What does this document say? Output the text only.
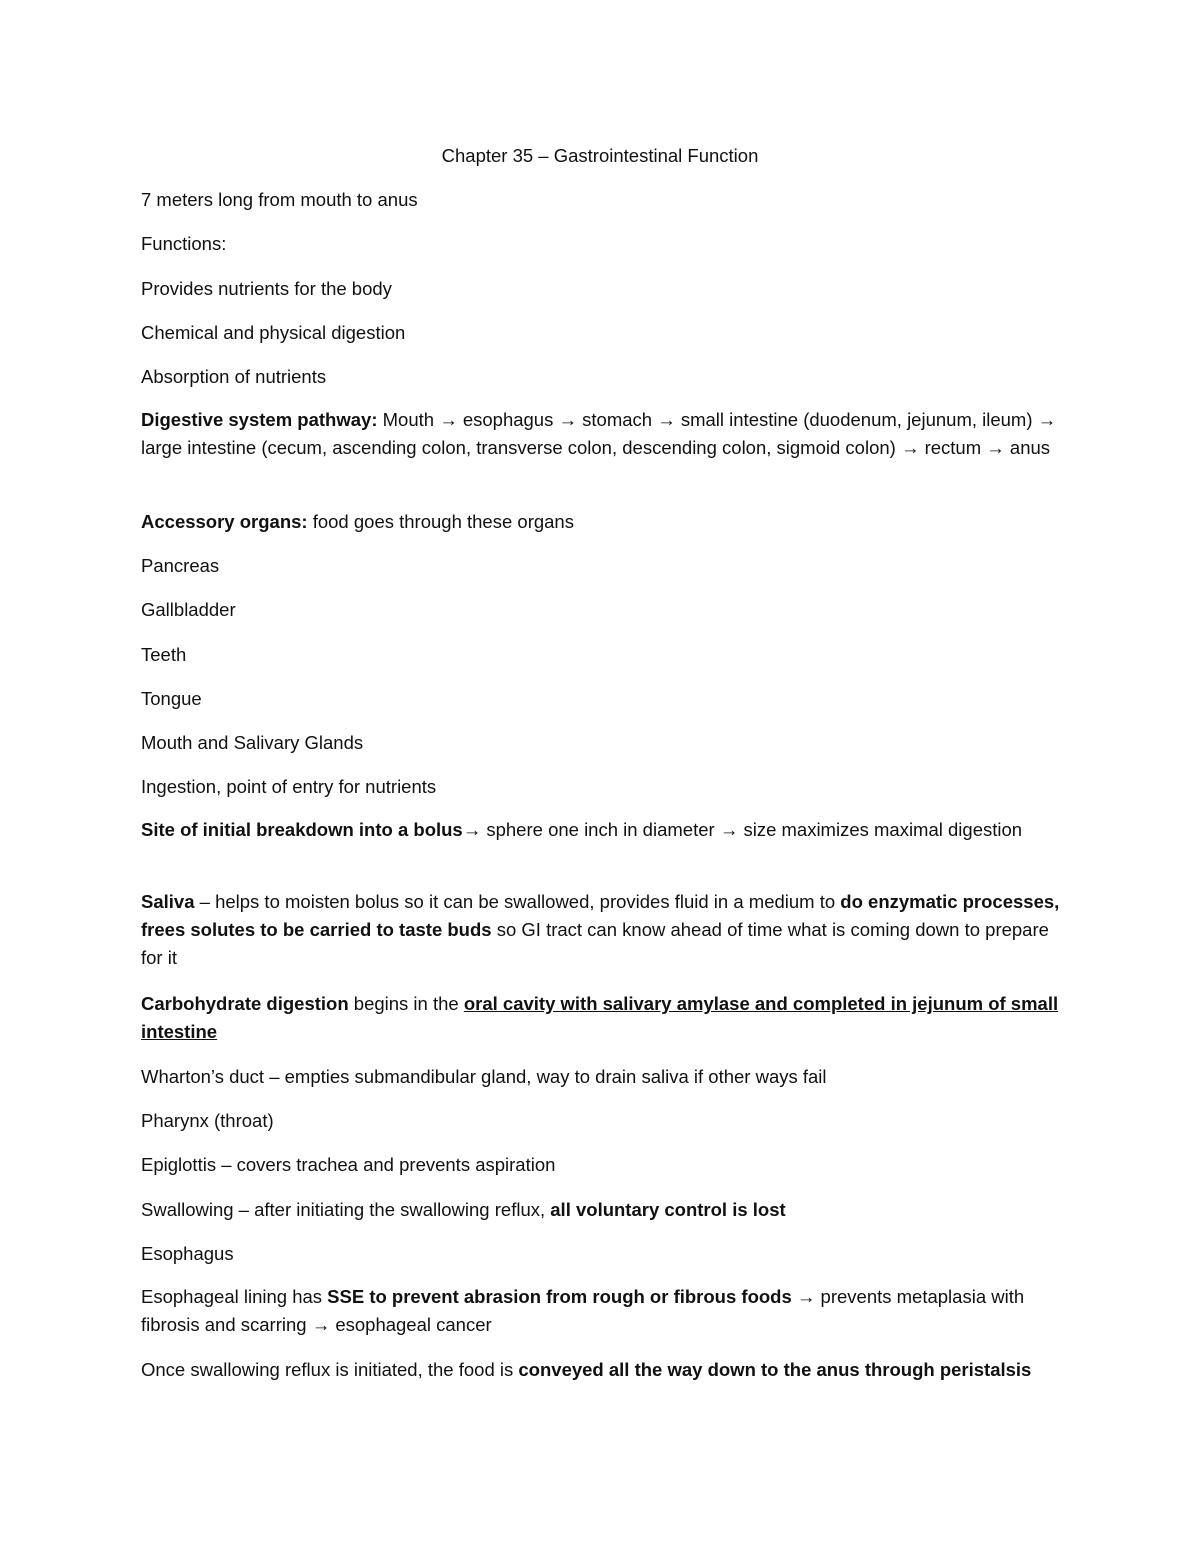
Chapter 35 – Gastrointestinal Function
7 meters long from mouth to anus
Functions:
Provides nutrients for the body
Chemical and physical digestion
Absorption of nutrients
Digestive system pathway: Mouth → esophagus → stomach → small intestine (duodenum, jejunum, ileum) → large intestine (cecum, ascending colon, transverse colon, descending colon, sigmoid colon) → rectum → anus
Accessory organs: food goes through these organs
Pancreas
Gallbladder
Teeth
Tongue
Mouth and Salivary Glands
Ingestion, point of entry for nutrients
Site of initial breakdown into a bolus→ sphere one inch in diameter → size maximizes maximal digestion
Saliva – helps to moisten bolus so it can be swallowed, provides fluid in a medium to do enzymatic processes, frees solutes to be carried to taste buds so GI tract can know ahead of time what is coming down to prepare for it
Carbohydrate digestion begins in the oral cavity with salivary amylase and completed in jejunum of small intestine
Wharton’s duct – empties submandibular gland, way to drain saliva if other ways fail
Pharynx (throat)
Epiglottis – covers trachea and prevents aspiration
Swallowing – after initiating the swallowing reflux, all voluntary control is lost
Esophagus
Esophageal lining has SSE to prevent abrasion from rough or fibrous foods → prevents metaplasia with fibrosis and scarring → esophageal cancer
Once swallowing reflux is initiated, the food is conveyed all the way down to the anus through peristalsis
